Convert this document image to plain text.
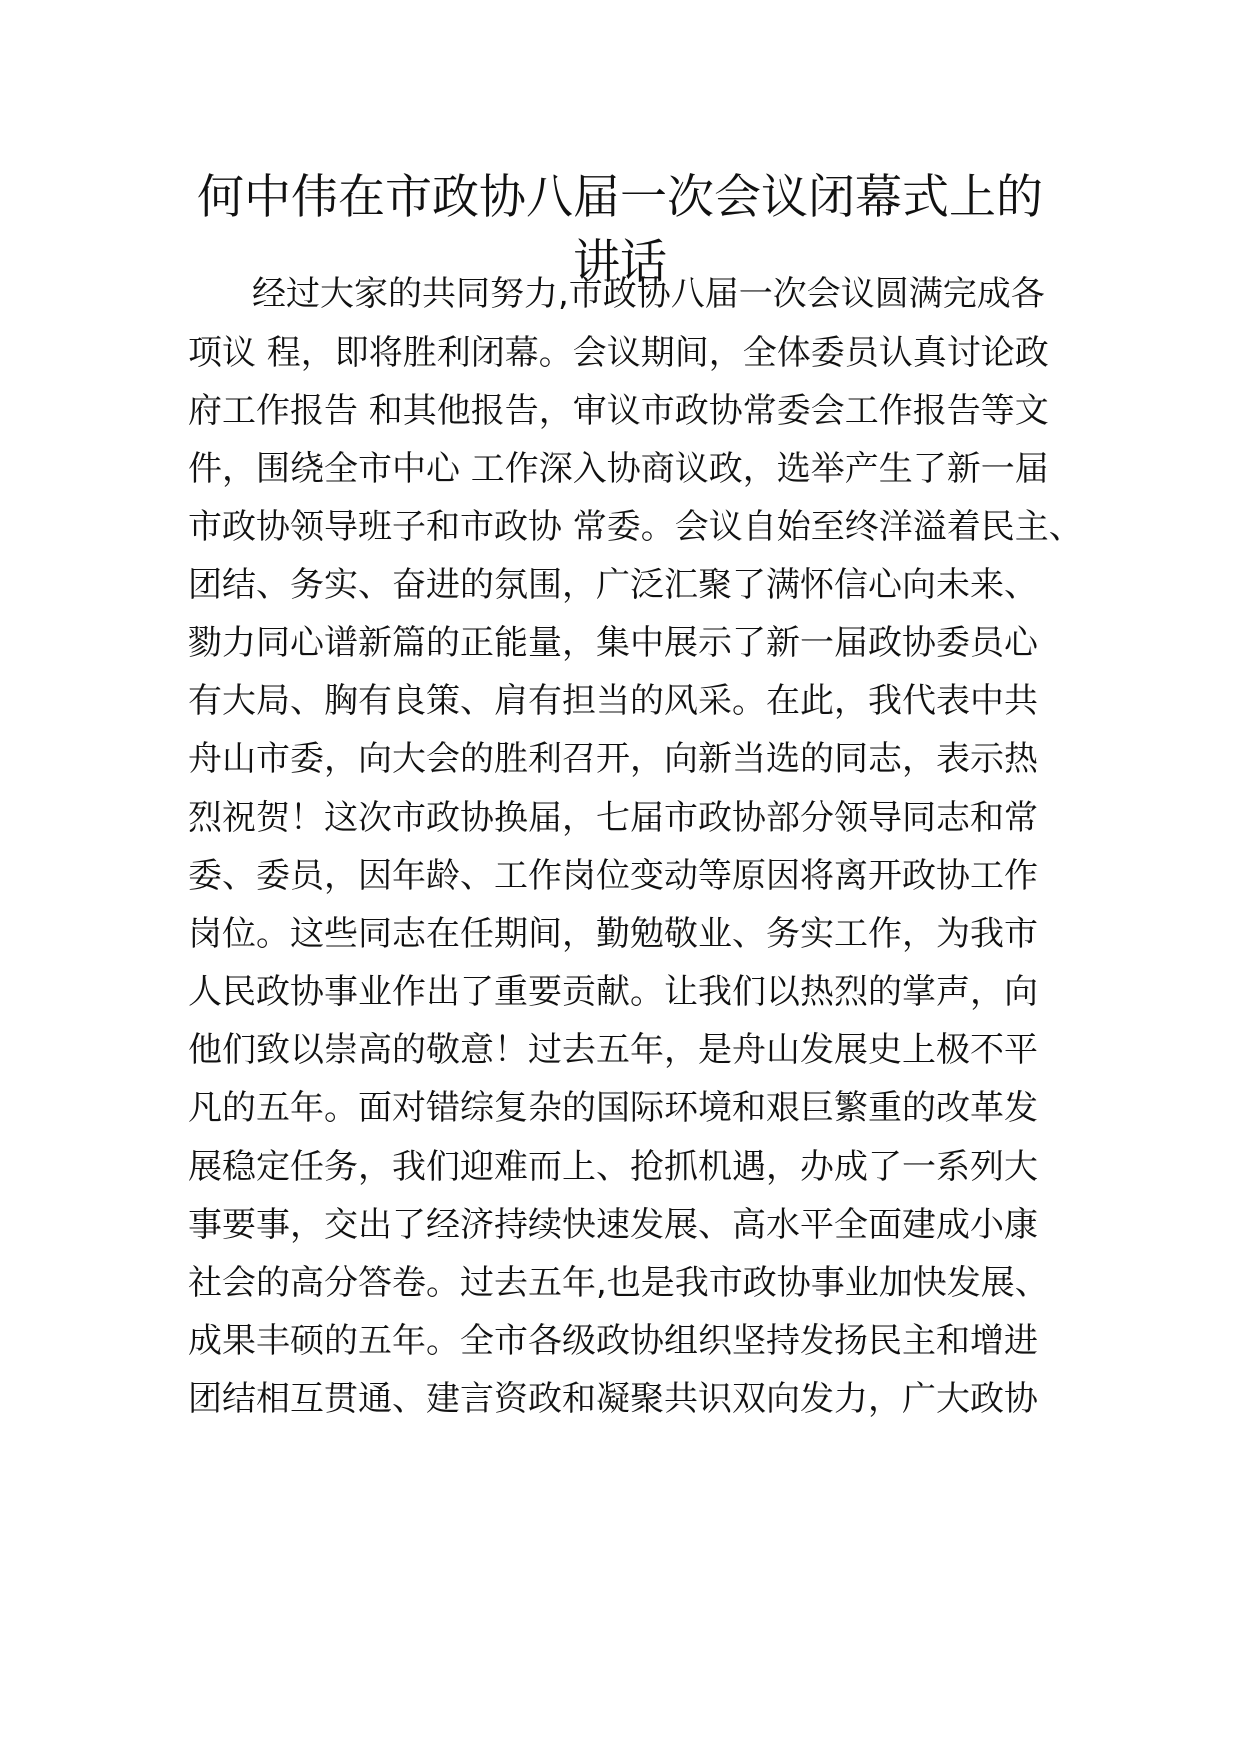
何中伟在市政协八届一次会议闭幕式上的
讲话

经过大家的共同努力,市政协八届一次会议圆满完成各

项议 程，即将胜利闭幕。会议期间，全体委员认真讨论政

府工作报告 和其他报告，审议市政协常委会工作报告等文

件，围绕全市中心 工作深入协商议政，选举产生了新一届

市政协领导班子和市政协 常委。会议自始至终洋溢着民主、

团结、务实、奋进的氛围，广泛汇聚了满怀信心向未来、

勠力同心谱新篇的正能量，集中展示了新一届政协委员心

有大局、胸有良策、肩有担当的风采。在此，我代表中共

舟山市委，向大会的胜利召开，向新当选的同志，表示热

烈祝贺！这次市政协换届，七届市政协部分领导同志和常

委、委员，因年龄、工作岗位变动等原因将离开政协工作

岗位。这些同志在任期间，勤勉敬业、务实工作，为我市

人民政协事业作出了重要贡献。让我们以热烈的掌声，向

他们致以崇高的敬意！过去五年，是舟山发展史上极不平

凡的五年。面对错综复杂的国际环境和艰巨繁重的改革发

展稳定任务，我们迎难而上、抢抓机遇，办成了一系列大

事要事，交出了经济持续快速发展、高水平全面建成小康

社会的高分答卷。过去五年,也是我市政协事业加快发展、

成果丰硕的五年。全市各级政协组织坚持发扬民主和增进

团结相互贯通、建言资政和凝聚共识双向发力，广大政协
